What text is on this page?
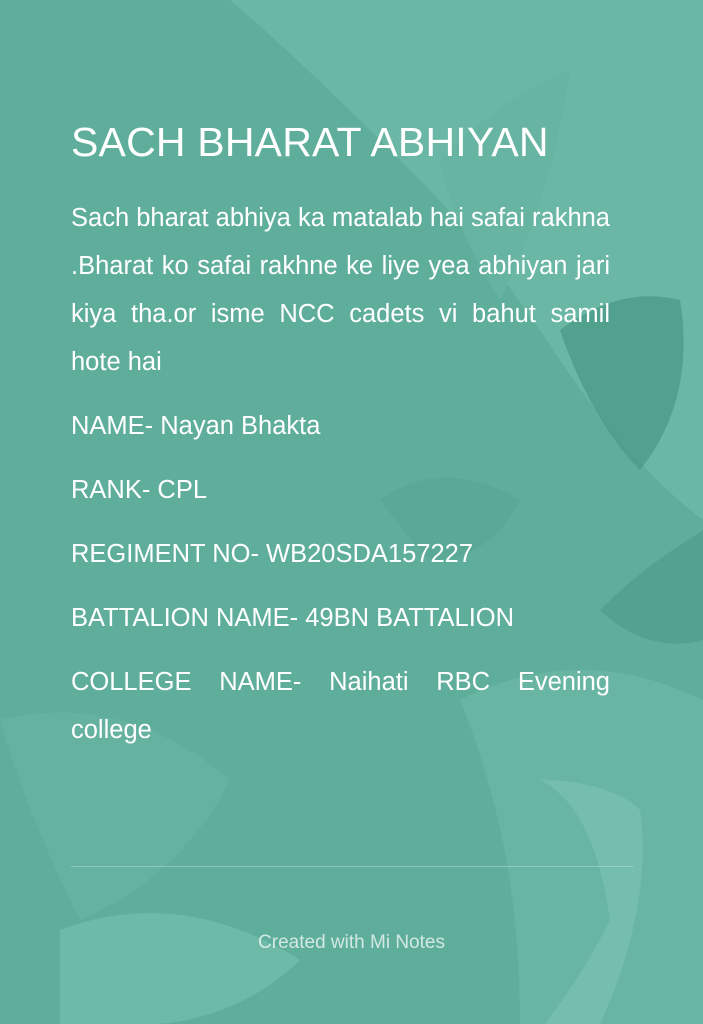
SACH BHARAT ABHIYAN

Sach bharat abhiya ka matalab hai safai rakhna .Bharat ko safai rakhne ke liye yea abhiyan jari kiya tha.or isme NCC cadets vi bahut samil hote hai

NAME- Nayan Bhakta

RANK- CPL

REGIMENT NO- WB20SDA157227

BATTALION NAME- 49BN BATTALION

COLLEGE NAME- Naihati RBC Evening college

Created with Mi Notes
